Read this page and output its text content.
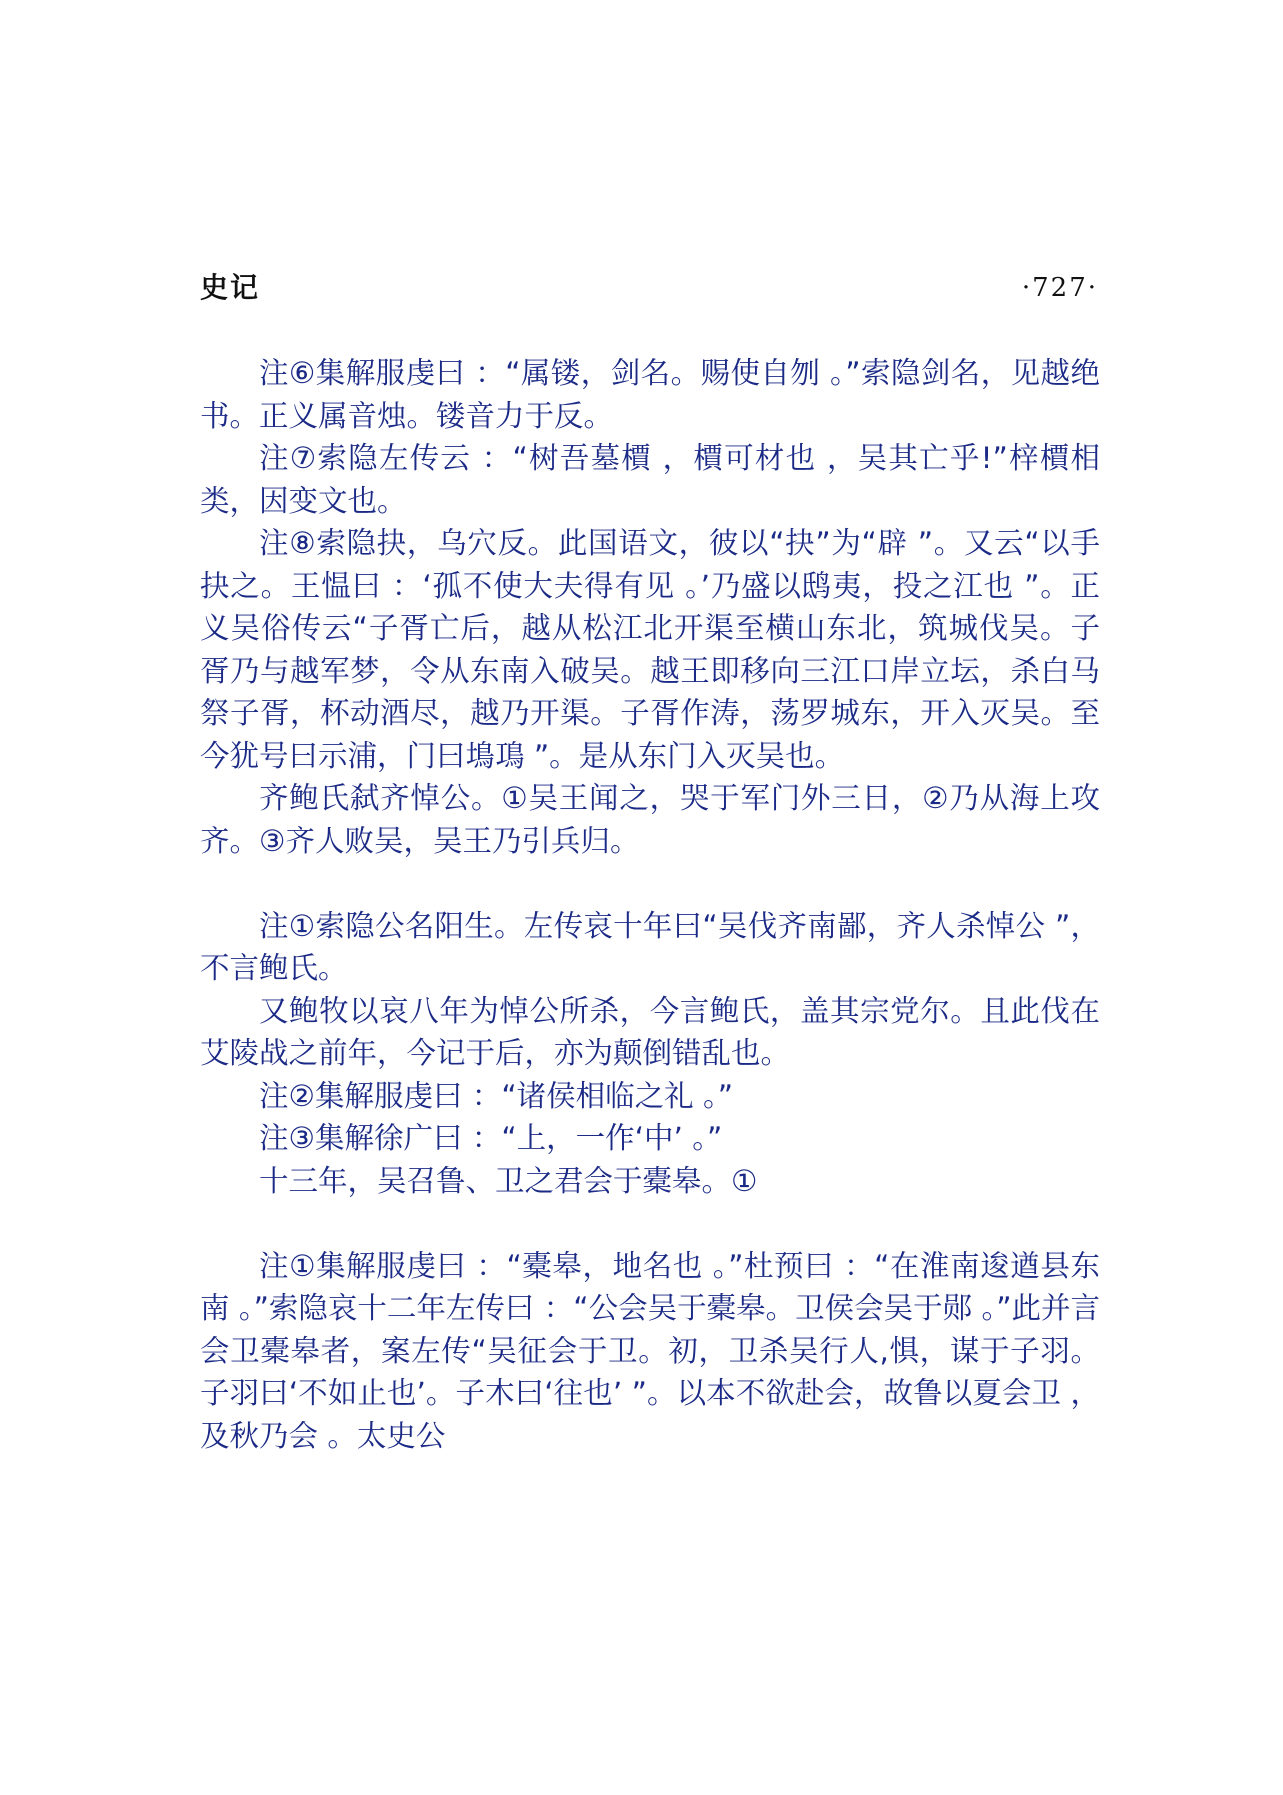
史记	·727·

注⑥集解服虔曰 ：“属镂，剑名。赐使自刎 。”索隐剑名，见越绝书。正义属音烛。镂音力于反。

注⑦索隐左传云 ：“树吾墓檟 ，檟可材也 ，吴其亡乎!”梓檟相类，因变文也。

注⑧索隐抉，乌穴反。此国语文，彼以“抉”为“辟 ”。又云“以手抉之。王愠曰 ：‘孤不使大夫得有见 。’乃盛以鸱夷，投之江也 ”。正义吴俗传云“子胥亡后，越从松江北开渠至横山东北，筑城伐吴。子胥乃与越军梦，令从东南入破吴。越王即移向三江口岸立坛，杀白马祭子胥，杯动酒尽，越乃开渠。子胥作涛，荡罗城东，开入灭吴。至今犹号曰示浦，门曰䲧䲨 ”。是从东门入灭吴也。

齐鲍氏弑齐悼公。①吴王闻之，哭于军门外三日，②乃从海上攻齐。③齐人败吴，吴王乃引兵归。

注①索隐公名阳生。左传哀十年曰“吴伐齐南鄙，齐人杀悼公 ”，不言鲍氏。

又鲍牧以哀八年为悼公所杀，今言鲍氏，盖其宗党尔。且此伐在艾陵战之前年，今记于后，亦为颠倒错乱也。

注②集解服虔曰 ：“诸侯相临之礼 。”

注③集解徐广曰 ：“上，一作‘中’ 。”

十三年，吴召鲁、卫之君会于橐皋。①

注①集解服虔曰 ：“橐皋，地名也 。”杜预曰 ：“在淮南逡遒县东南 。”索隐哀十二年左传曰 ：“公会吴于橐皋。卫侯会吴于郧 。”此并言会卫橐皋者，案左传“吴征会于卫。初，卫杀吴行人,惧，谋于子羽。子羽曰‘不如止也’。子木曰‘往也’ ”。以本不欲赴会，故鲁以夏会卫 ，及秋乃会 。太史公
